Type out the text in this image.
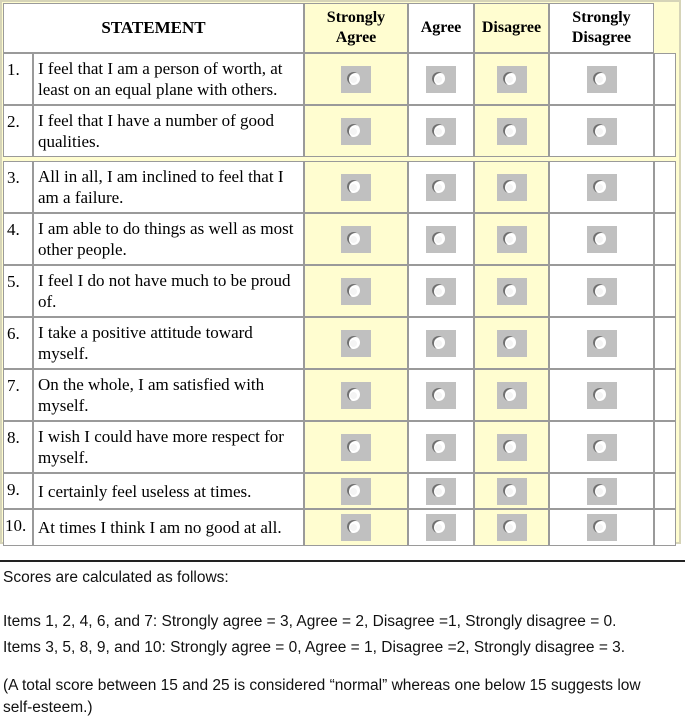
STATEMENT		Strongly Agree	Agree	Disagree	Strongly Disagree	
1.	I feel that I am a person of worth, at least on an equal plane with others.					
2.	I feel that I have a number of good qualities.					
3.	All in all, I am inclined to feel that I am a failure.					
4.	I am able to do things as well as most other people.					
5.	I feel I do not have much to be proud of.					
6.	I take a positive attitude toward myself.					
7.	On the whole, I am satisfied with myself.					
8.	I wish I could have more respect for myself.					
9.	I certainly feel useless at times.					
10.	At times I think I am no good at all.					

Scores are calculated as follows:

Items 1, 2, 4, 6, and 7: Strongly agree = 3, Agree = 2, Disagree =1, Strongly disagree = 0.

Items 3, 5, 8, 9, and 10: Strongly agree = 0, Agree = 1, Disagree =2, Strongly disagree = 3.

(A total score between 15 and 25 is considered “normal” whereas one below 15 suggests low self-esteem.)
